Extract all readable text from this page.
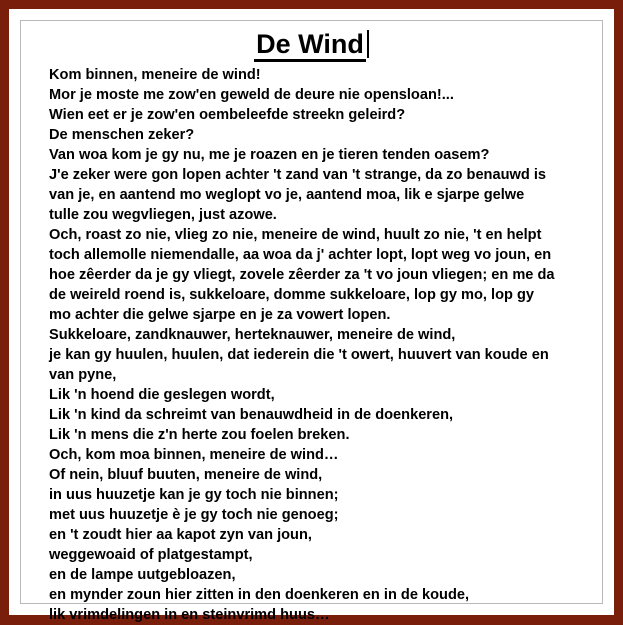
De Wind
Kom binnen, meneire de wind!
Mor je moste me zow'en geweld de deure nie opensloan!...
Wien eet er je zow'en oembeleefde streekn geleird?
De menschen zeker?
Van woa kom je gy nu, me je roazen en je tieren tenden oasem?
J'e zeker were gon lopen achter 't zand van 't strange, da zo benauwd is
van je, en aantend mo weglopt vo je, aantend moa, lik e sjarpe gelwe
tulle zou wegvliegen, just azowe.
Och, roast zo nie, vlieg zo nie, meneire de wind, huult zo nie, 't en helpt
toch allemolle niemendalle, aa woa da j' achter lopt, lopt weg vo joun, en
hoe zêerder da je gy vliegt, zovele zêerder za 't vo joun vliegen; en me da
de weireld roend is, sukkeloare, domme sukkeloare, lop gy mo, lop gy
mo achter die gelwe sjarpe en je za vowert lopen.
Sukkeloare, zandknauwer, herteknauwer, meneire de wind,
je kan gy huulen, huulen, dat iederein die 't owert, huuvert van koude en
van pyne,
Lik 'n hoend die geslegen wordt,
Lik 'n kind da schreimt van benauwdheid in de doenkeren,
Lik 'n mens die z'n herte zou foelen breken.
Och, kom moa binnen, meneire de wind…
Of nein, bluuf buuten, meneire de wind,
in uus huuzetje kan je gy toch nie binnen;
met uus huuzetje è je gy toch nie genoeg;
en 't zoudt hier aa kapot zyn van joun,
weggewoaid of platgestampt,
en de lampe uutgebloazen,
en mynder zoun hier zitten in den doenkeren en in de koude,
lik vrimdelingen in en steinvrimd huus…
